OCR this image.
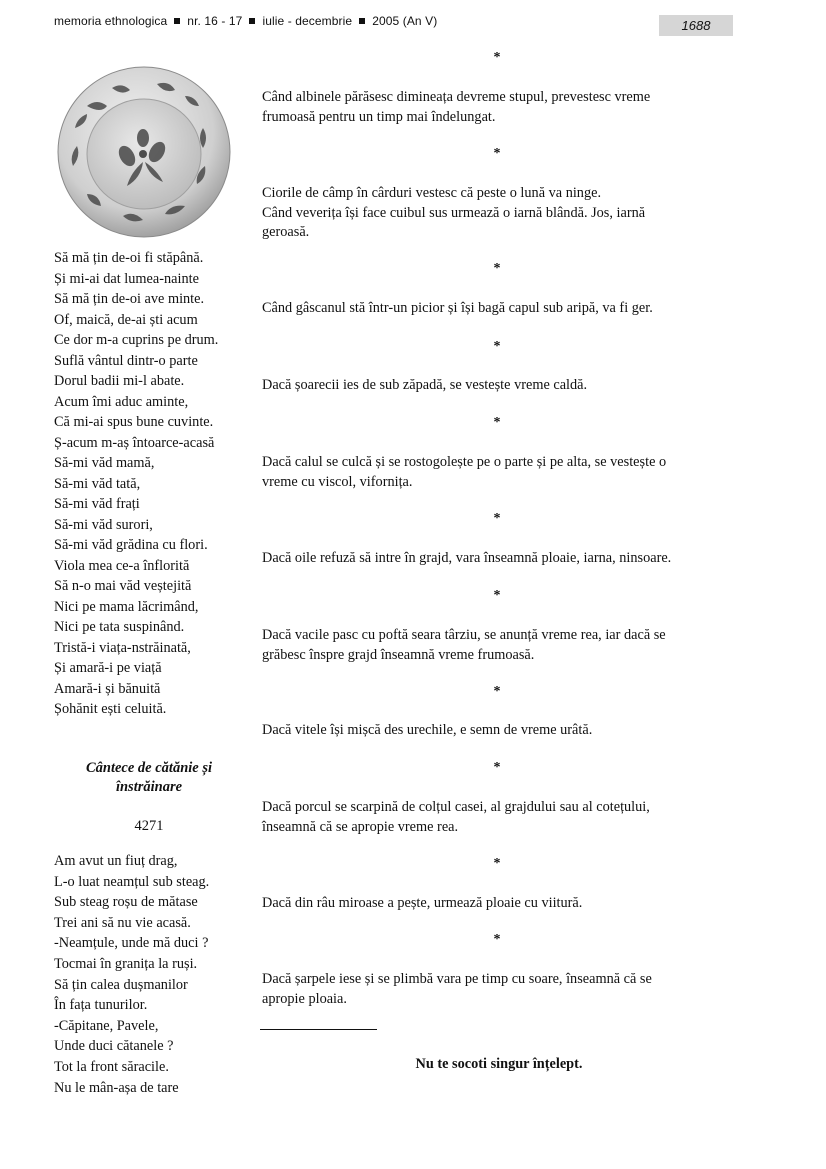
memoria ethnologica nr. 16 - 17 iulie - decembrie 2005 (An V)	1688
Să mă țin de-oi fi stăpână.
Și mi-ai dat lumea-nainte
Să mă țin de-oi ave minte.
Of, maică, de-ai ști acum
Ce dor m-a cuprins pe drum.
Suflă vântul dintr-o parte
Dorul badii mi-l abate.
Acum îmi aduc aminte,
Că mi-ai spus bune cuvinte.
Ș-acum m-aș întoarce-acasă
Să-mi văd mamă,
Să-mi văd tată,
Să-mi văd frați
Să-mi văd surori,
Să-mi văd grădina cu flori.
Viola mea ce-a înflorită
Să n-o mai văd veștejită
Nici pe mama lăcrimând,
Nici pe tata suspinând.
Tristă-i viața-nstrăinată,
Și amară-i pe viață
Amară-i și bănuită
Șohănit ești celuită.
Cântece de cătănie și
înstrăinare
4271
Am avut un fiuț drag,
L-o luat neamțul sub steag.
Sub steag roșu de mătase
Trei ani să nu vie acasă.
-Neamțule, unde mă duci ?
Tocmai în granița la ruși.
Să țin calea dușmanilor
În fața tunurilor.
-Căpitane, Pavele,
Unde duci cătanele ?
Tot la front săracile.
Nu le mân-așa de tare
*
Când albinele părăsesc dimineața devreme stupul, prevestesc vreme
frumoasă pentru un timp mai îndelungat.
*
Ciorile de câmp în cârduri vestesc că peste o lună va ninge.
Când veverița își face cuibul sus urmează o iarnă blândă. Jos, iarnă
geroasă.
*
Când gâscanul stă într-un picior și își bagă capul sub aripă, va fi ger.
*
Dacă șoarecii ies de sub zăpadă, se vestește vreme caldă.
*
Dacă calul se culcă și se rostogolește pe o parte și pe alta, se vestește o
vreme cu viscol, vifornița.
*
Dacă oile refuză să intre în grajd, vara înseamnă ploaie, iarna, ninsoare.
*
Dacă vacile pasc cu poftă seara târziu, se anunță vreme rea, iar dacă se
grăbesc înspre grajd înseamnă vreme frumoasă.
*
Dacă vitele își mișcă des urechile, e semn de vreme urâtă.
*
Dacă porcul se scarpină de colțul casei, al grajdului sau al cotețului,
înseamnă că se apropie vreme rea.
*
Dacă din râu miroase a pește, urmează ploaie cu viitură.
*
Dacă șarpele iese și se plimbă vara pe timp cu soare, înseamnă că se
apropie ploaia.
Nu te socoti singur înțelept.
